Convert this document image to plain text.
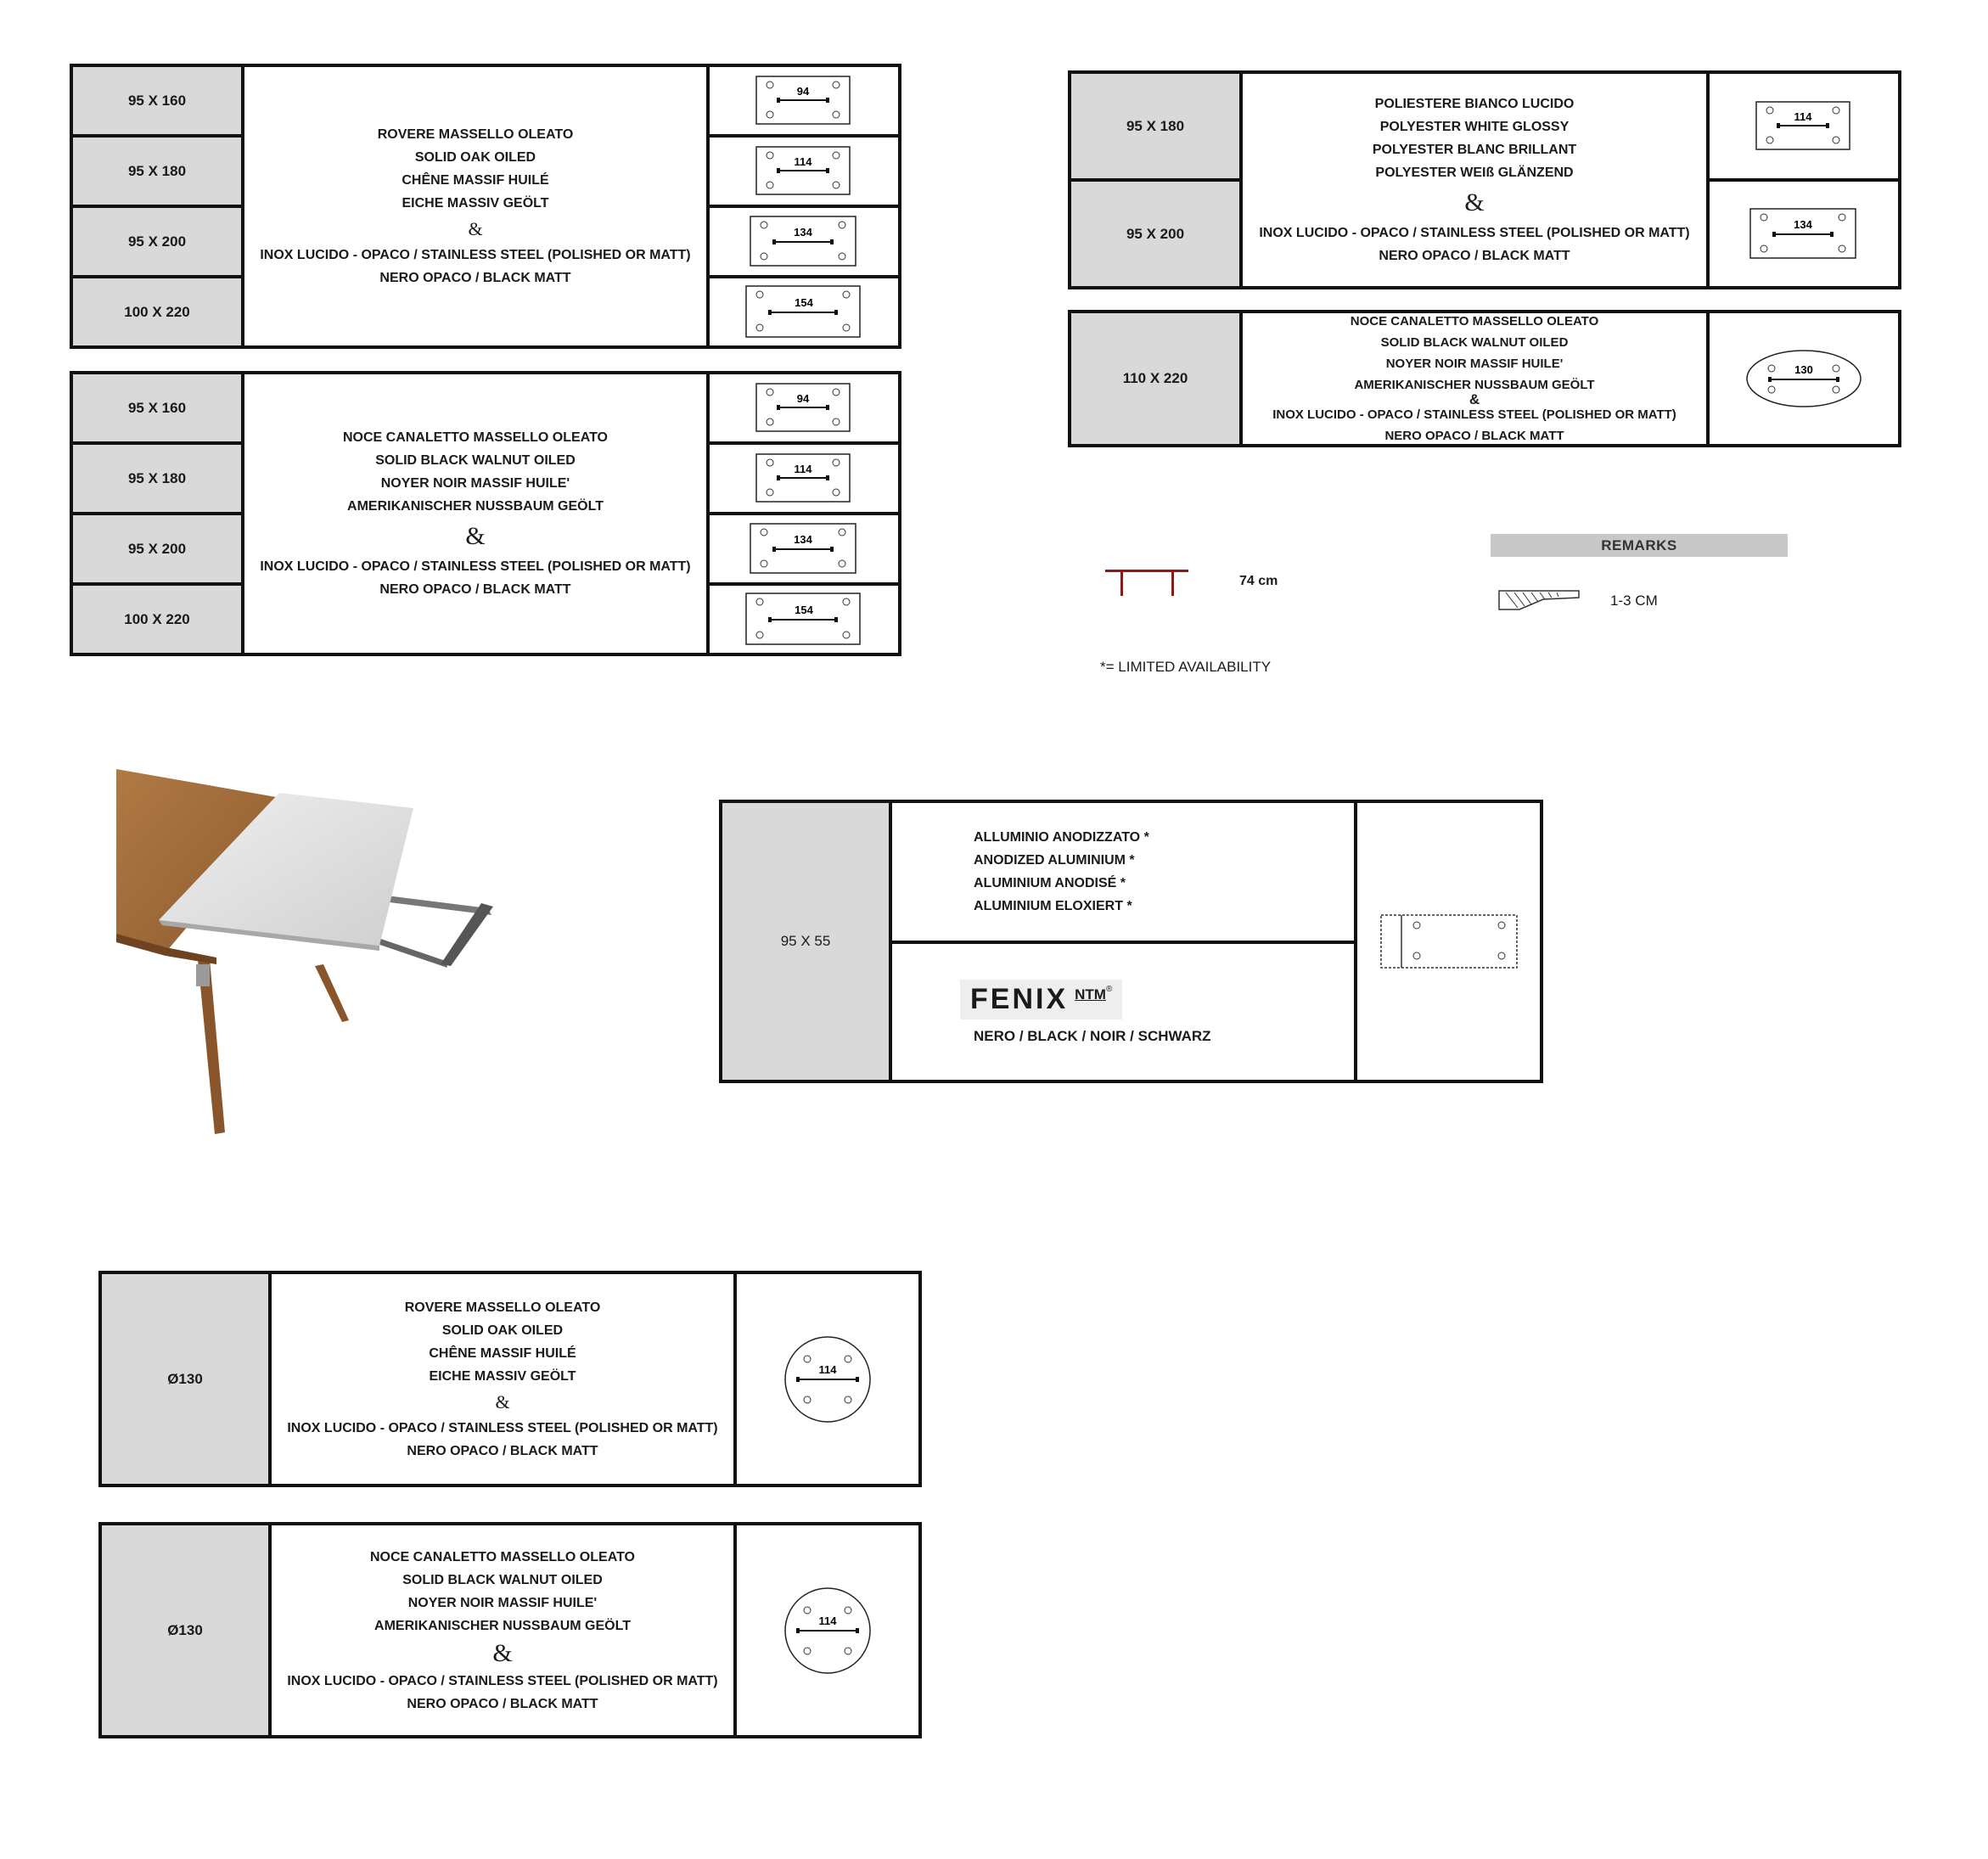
95 X 160
95 X 180
95 X 200
100 X 220
ROVERE MASSELLO OLEATO
SOLID OAK OILED
CHÊNE MASSIF HUILÉ
EICHE MASSIV GEÖLT
&
INOX LUCIDO - OPACO / STAINLESS STEEL (POLISHED OR MATT)
NERO OPACO / BLACK MATT
94
114
134
154
95 X 160
95 X 180
95 X 200
100 X 220
NOCE CANALETTO MASSELLO OLEATO
SOLID BLACK WALNUT OILED
NOYER NOIR MASSIF HUILE'
AMERIKANISCHER NUSSBAUM GEÖLT
&
INOX LUCIDO - OPACO / STAINLESS STEEL (POLISHED OR MATT)
NERO OPACO / BLACK MATT
94
114
134
154
95 X 180
95 X 200
POLIESTERE BIANCO LUCIDO
POLYESTER WHITE GLOSSY
POLYESTER BLANC BRILLANT
POLYESTER WEIß GLÄNZEND
&
INOX LUCIDO - OPACO / STAINLESS STEEL (POLISHED OR MATT)
NERO OPACO / BLACK MATT
114
134
110 X 220
NOCE CANALETTO MASSELLO OLEATO
SOLID BLACK WALNUT OILED
NOYER NOIR MASSIF HUILE'
AMERIKANISCHER NUSSBAUM GEÖLT
&
INOX LUCIDO - OPACO / STAINLESS STEEL (POLISHED OR MATT)
NERO OPACO / BLACK MATT
130
74 cm
REMARKS
1-3 CM
*= LIMITED AVAILABILITY
95 X 55
ALLUMINIO ANODIZZATO *
ANODIZED ALUMINIUM *
ALUMINIUM ANODISÉ *
ALUMINIUM ELOXIERT *
FENIX NTM ®
NERO / BLACK / NOIR / SCHWARZ
Ø130
ROVERE MASSELLO OLEATO
SOLID OAK OILED
CHÊNE MASSIF HUILÉ
EICHE MASSIV GEÖLT
&
INOX LUCIDO - OPACO / STAINLESS STEEL (POLISHED OR MATT)
NERO OPACO / BLACK MATT
114
Ø130
NOCE CANALETTO MASSELLO OLEATO
SOLID BLACK WALNUT OILED
NOYER NOIR MASSIF HUILE'
AMERIKANISCHER NUSSBAUM GEÖLT
&
INOX LUCIDO - OPACO / STAINLESS STEEL (POLISHED OR MATT)
NERO OPACO / BLACK MATT
114
